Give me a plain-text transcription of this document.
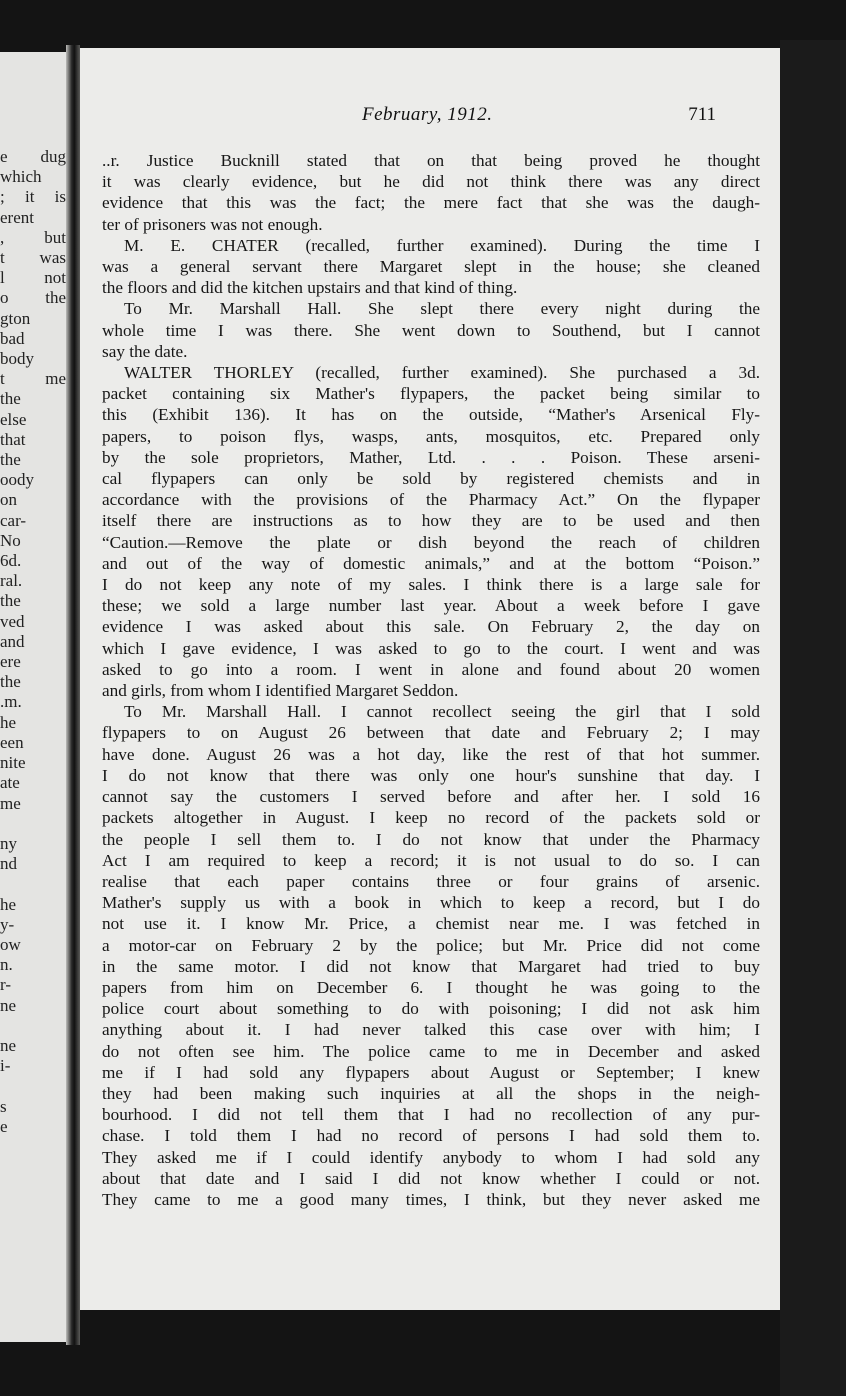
e dug
which
; it is
erent
, but
t was
l not
o the
gton
bad
body
t me
the
else
that
the
oody
on
car-
No
6d.
ral.
the
ved
and
ere
the
.m.
he
een
nite
ate
me

ny
nd

he
y-
ow
n.
r-
ne

ne
i-

s
e
February, 1912.	711
..r. Justice Bucknill stated that on that being proved he thought
it was clearly evidence, but he did not think there was any direct
evidence that this was the fact; the mere fact that she was the daugh-
ter of prisoners was not enough.
M. E. CHATER (recalled, further examined). During the time I
was a general servant there Margaret slept in the house; she cleaned
the floors and did the kitchen upstairs and that kind of thing.
To Mr. Marshall Hall. She slept there every night during the
whole time I was there. She went down to Southend, but I cannot
say the date.
WALTER THORLEY (recalled, further examined). She purchased a 3d.
packet containing six Mather's flypapers, the packet being similar to
this (Exhibit 136). It has on the outside, “Mather's Arsenical Fly-
papers, to poison flys, wasps, ants, mosquitos, etc. Prepared only
by the sole proprietors, Mather, Ltd. . . . Poison. These arseni-
cal flypapers can only be sold by registered chemists and in
accordance with the provisions of the Pharmacy Act.” On the flypaper
itself there are instructions as to how they are to be used and then
“Caution.—Remove the plate or dish beyond the reach of children
and out of the way of domestic animals,” and at the bottom “Poison.”
I do not keep any note of my sales. I think there is a large sale for
these; we sold a large number last year. About a week before I gave
evidence I was asked about this sale. On February 2, the day on
which I gave evidence, I was asked to go to the court. I went and was
asked to go into a room. I went in alone and found about 20 women
and girls, from whom I identified Margaret Seddon.
To Mr. Marshall Hall. I cannot recollect seeing the girl that I sold
flypapers to on August 26 between that date and February 2; I may
have done. August 26 was a hot day, like the rest of that hot summer.
I do not know that there was only one hour's sunshine that day. I
cannot say the customers I served before and after her. I sold 16
packets altogether in August. I keep no record of the packets sold or
the people I sell them to. I do not know that under the Pharmacy
Act I am required to keep a record; it is not usual to do so. I can
realise that each paper contains three or four grains of arsenic.
Mather's supply us with a book in which to keep a record, but I do
not use it. I know Mr. Price, a chemist near me. I was fetched in
a motor-car on February 2 by the police; but Mr. Price did not come
in the same motor. I did not know that Margaret had tried to buy
papers from him on December 6. I thought he was going to the
police court about something to do with poisoning; I did not ask him
anything about it. I had never talked this case over with him; I
do not often see him. The police came to me in December and asked
me if I had sold any flypapers about August or September; I knew
they had been making such inquiries at all the shops in the neigh-
bourhood. I did not tell them that I had no recollection of any pur-
chase. I told them I had no record of persons I had sold them to.
They asked me if I could identify anybody to whom I had sold any
about that date and I said I did not know whether I could or not.
They came to me a good many times, I think, but they never asked me
